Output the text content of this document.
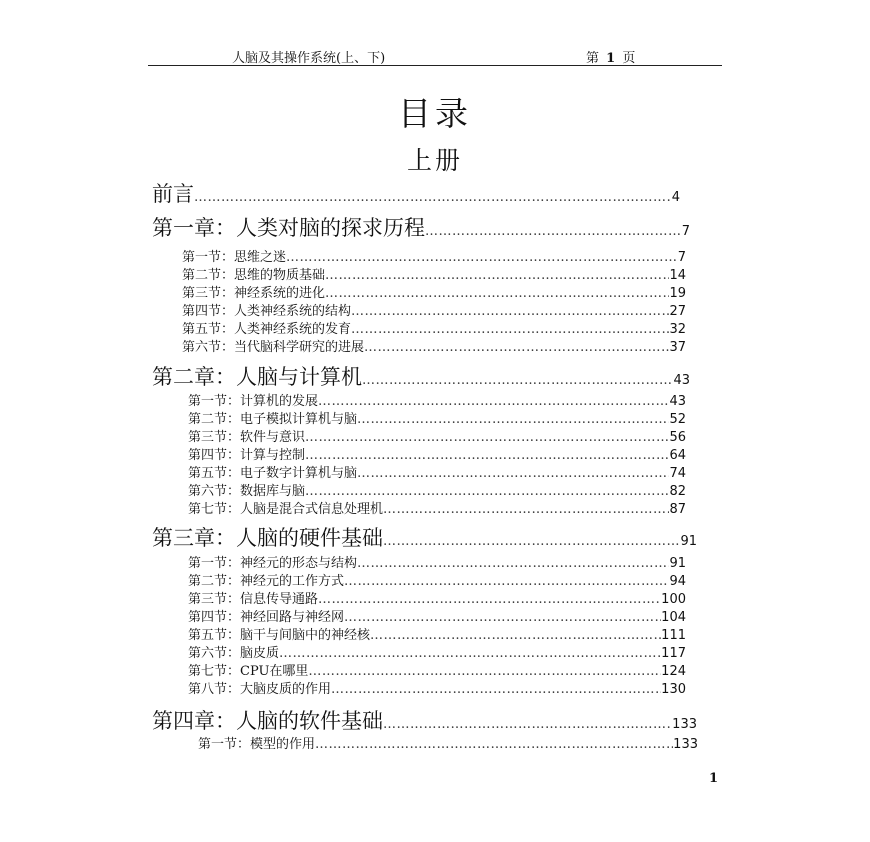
人脑及其操作系统(上、下)	第 1 页
目录
上册
前言 …………………………………………………………………………………………………………………………………	4
第一章：人类对脑的探求历程 …………………………………………………………………………………………………………………………………	7
第一节：思维之迷 …………………………………………………………………………………………………………………………………	7
第二节：思维的物质基础 …………………………………………………………………………………………………………………………………	14
第三节：神经系统的进化 …………………………………………………………………………………………………………………………………	19
第四节：人类神经系统的结构 …………………………………………………………………………………………………………………………………	27
第五节：人类神经系统的发育 …………………………………………………………………………………………………………………………………	32
第六节：当代脑科学研究的进展 …………………………………………………………………………………………………………………………………	37
第二章：人脑与计算机 …………………………………………………………………………………………………………………………………	43
第一节：计算机的发展 …………………………………………………………………………………………………………………………………	43
第二节：电子模拟计算机与脑 …………………………………………………………………………………………………………………………………	52
第三节：软件与意识 …………………………………………………………………………………………………………………………………	56
第四节：计算与控制 …………………………………………………………………………………………………………………………………	64
第五节：电子数字计算机与脑 …………………………………………………………………………………………………………………………………	74
第六节：数据库与脑 …………………………………………………………………………………………………………………………………	82
第七节：人脑是混合式信息处理机 …………………………………………………………………………………………………………………………………	87
第三章：人脑的硬件基础 …………………………………………………………………………………………………………………………………	91
第一节：神经元的形态与结构 …………………………………………………………………………………………………………………………………	91
第二节：神经元的工作方式 …………………………………………………………………………………………………………………………………	94
第三节：信息传导通路 …………………………………………………………………………………………………………………………………	100
第四节：神经回路与神经网 …………………………………………………………………………………………………………………………………	104
第五节：脑干与间脑中的神经核 …………………………………………………………………………………………………………………………………	111
第六节：脑皮质 …………………………………………………………………………………………………………………………………	117
第七节：CPU在哪里 …………………………………………………………………………………………………………………………………	124
第八节：大脑皮质的作用 …………………………………………………………………………………………………………………………………	130
第四章：人脑的软件基础 …………………………………………………………………………………………………………………………………	133
第一节：模型的作用 …………………………………………………………………………………………………………………………………	133
1
